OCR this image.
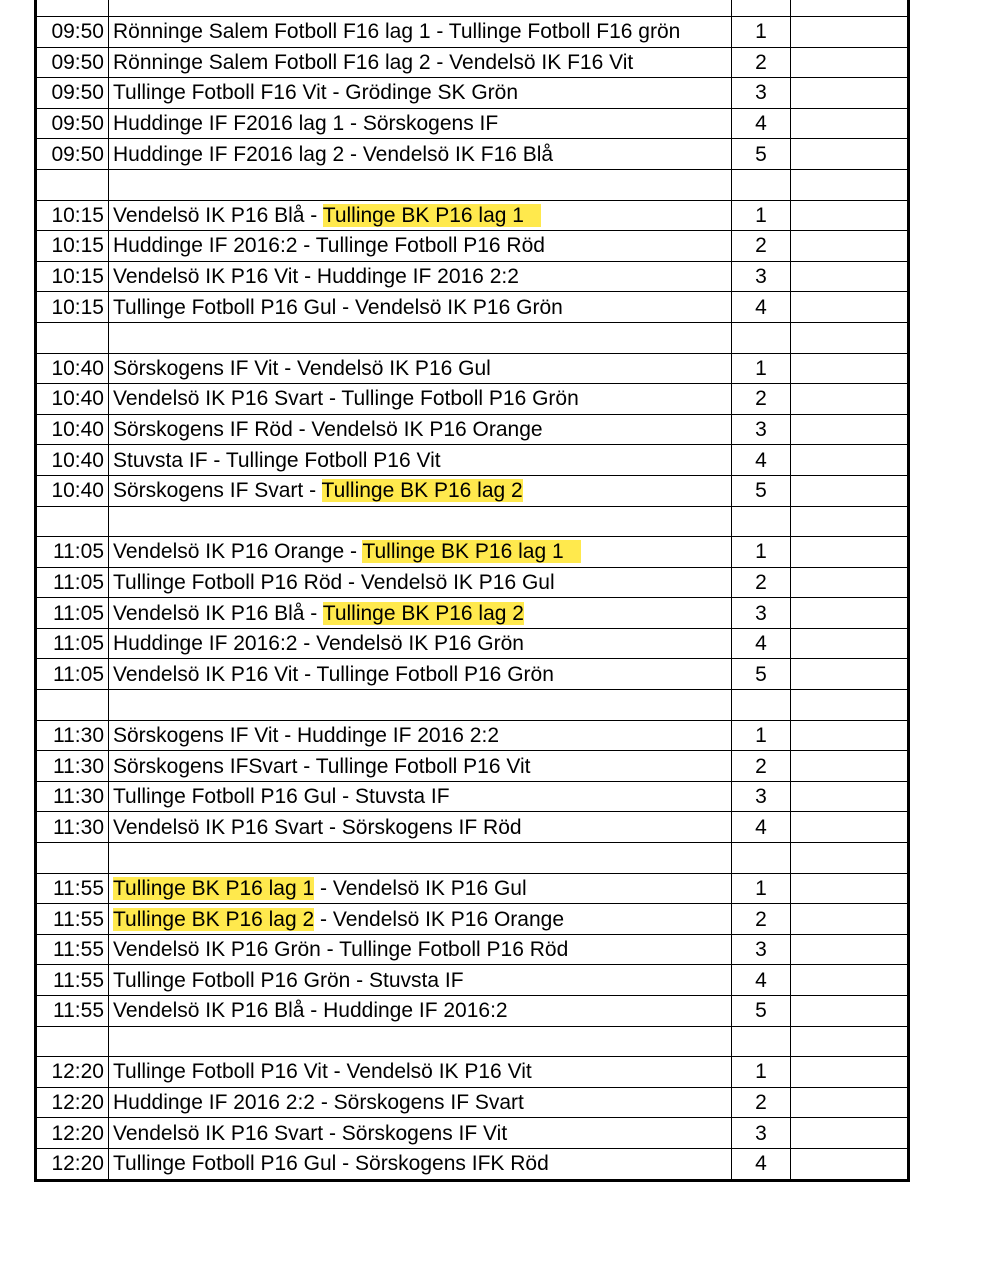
09:50	Rönninge Salem Fotboll F16 lag 1 - Tullinge Fotboll F16 grön	1	
09:50	Rönninge Salem Fotboll F16 lag 2 - Vendelsö IK F16 Vit	2	
09:50	Tullinge Fotboll F16 Vit - Grödinge SK Grön	3	
09:50	Huddinge IF F2016 lag 1 - Sörskogens IF	4	
09:50	Huddinge IF F2016 lag 2 - Vendelsö IK F16 Blå	5	

10:15	Vendelsö IK P16 Blå - Tullinge BK P16 lag 1	1	
10:15	Huddinge IF 2016:2 - Tullinge Fotboll P16 Röd	2	
10:15	Vendelsö IK P16 Vit - Huddinge IF 2016 2:2	3	
10:15	Tullinge Fotboll P16 Gul - Vendelsö IK P16 Grön	4	

10:40	Sörskogens IF Vit - Vendelsö IK P16 Gul	1	
10:40	Vendelsö IK P16 Svart - Tullinge Fotboll P16 Grön	2	
10:40	Sörskogens IF Röd - Vendelsö IK P16 Orange	3	
10:40	Stuvsta IF - Tullinge Fotboll P16 Vit	4	
10:40	Sörskogens IF Svart - Tullinge BK P16 lag 2	5	

11:05	Vendelsö IK P16 Orange - Tullinge BK P16 lag 1	1	
11:05	Tullinge Fotboll P16 Röd - Vendelsö IK P16 Gul	2	
11:05	Vendelsö IK P16 Blå - Tullinge BK P16 lag 2	3	
11:05	Huddinge IF 2016:2 - Vendelsö IK P16 Grön	4	
11:05	Vendelsö IK P16 Vit - Tullinge Fotboll P16 Grön	5	

11:30	Sörskogens IF Vit - Huddinge IF 2016 2:2	1	
11:30	Sörskogens IFSvart - Tullinge Fotboll P16 Vit	2	
11:30	Tullinge Fotboll P16 Gul - Stuvsta IF	3	
11:30	Vendelsö IK P16 Svart - Sörskogens IF Röd	4	

11:55	Tullinge BK P16 lag 1 - Vendelsö IK P16 Gul	1	
11:55	Tullinge BK P16 lag 2 - Vendelsö IK P16 Orange	2	
11:55	Vendelsö IK P16 Grön - Tullinge Fotboll P16 Röd	3	
11:55	Tullinge Fotboll P16 Grön - Stuvsta IF	4	
11:55	Vendelsö IK P16 Blå - Huddinge IF 2016:2	5	

12:20	Tullinge Fotboll P16 Vit - Vendelsö IK P16 Vit	1	
12:20	Huddinge IF 2016 2:2 - Sörskogens IF Svart	2	
12:20	Vendelsö IK P16 Svart - Sörskogens IF Vit	3	
12:20	Tullinge Fotboll P16 Gul - Sörskogens IFK Röd	4	
